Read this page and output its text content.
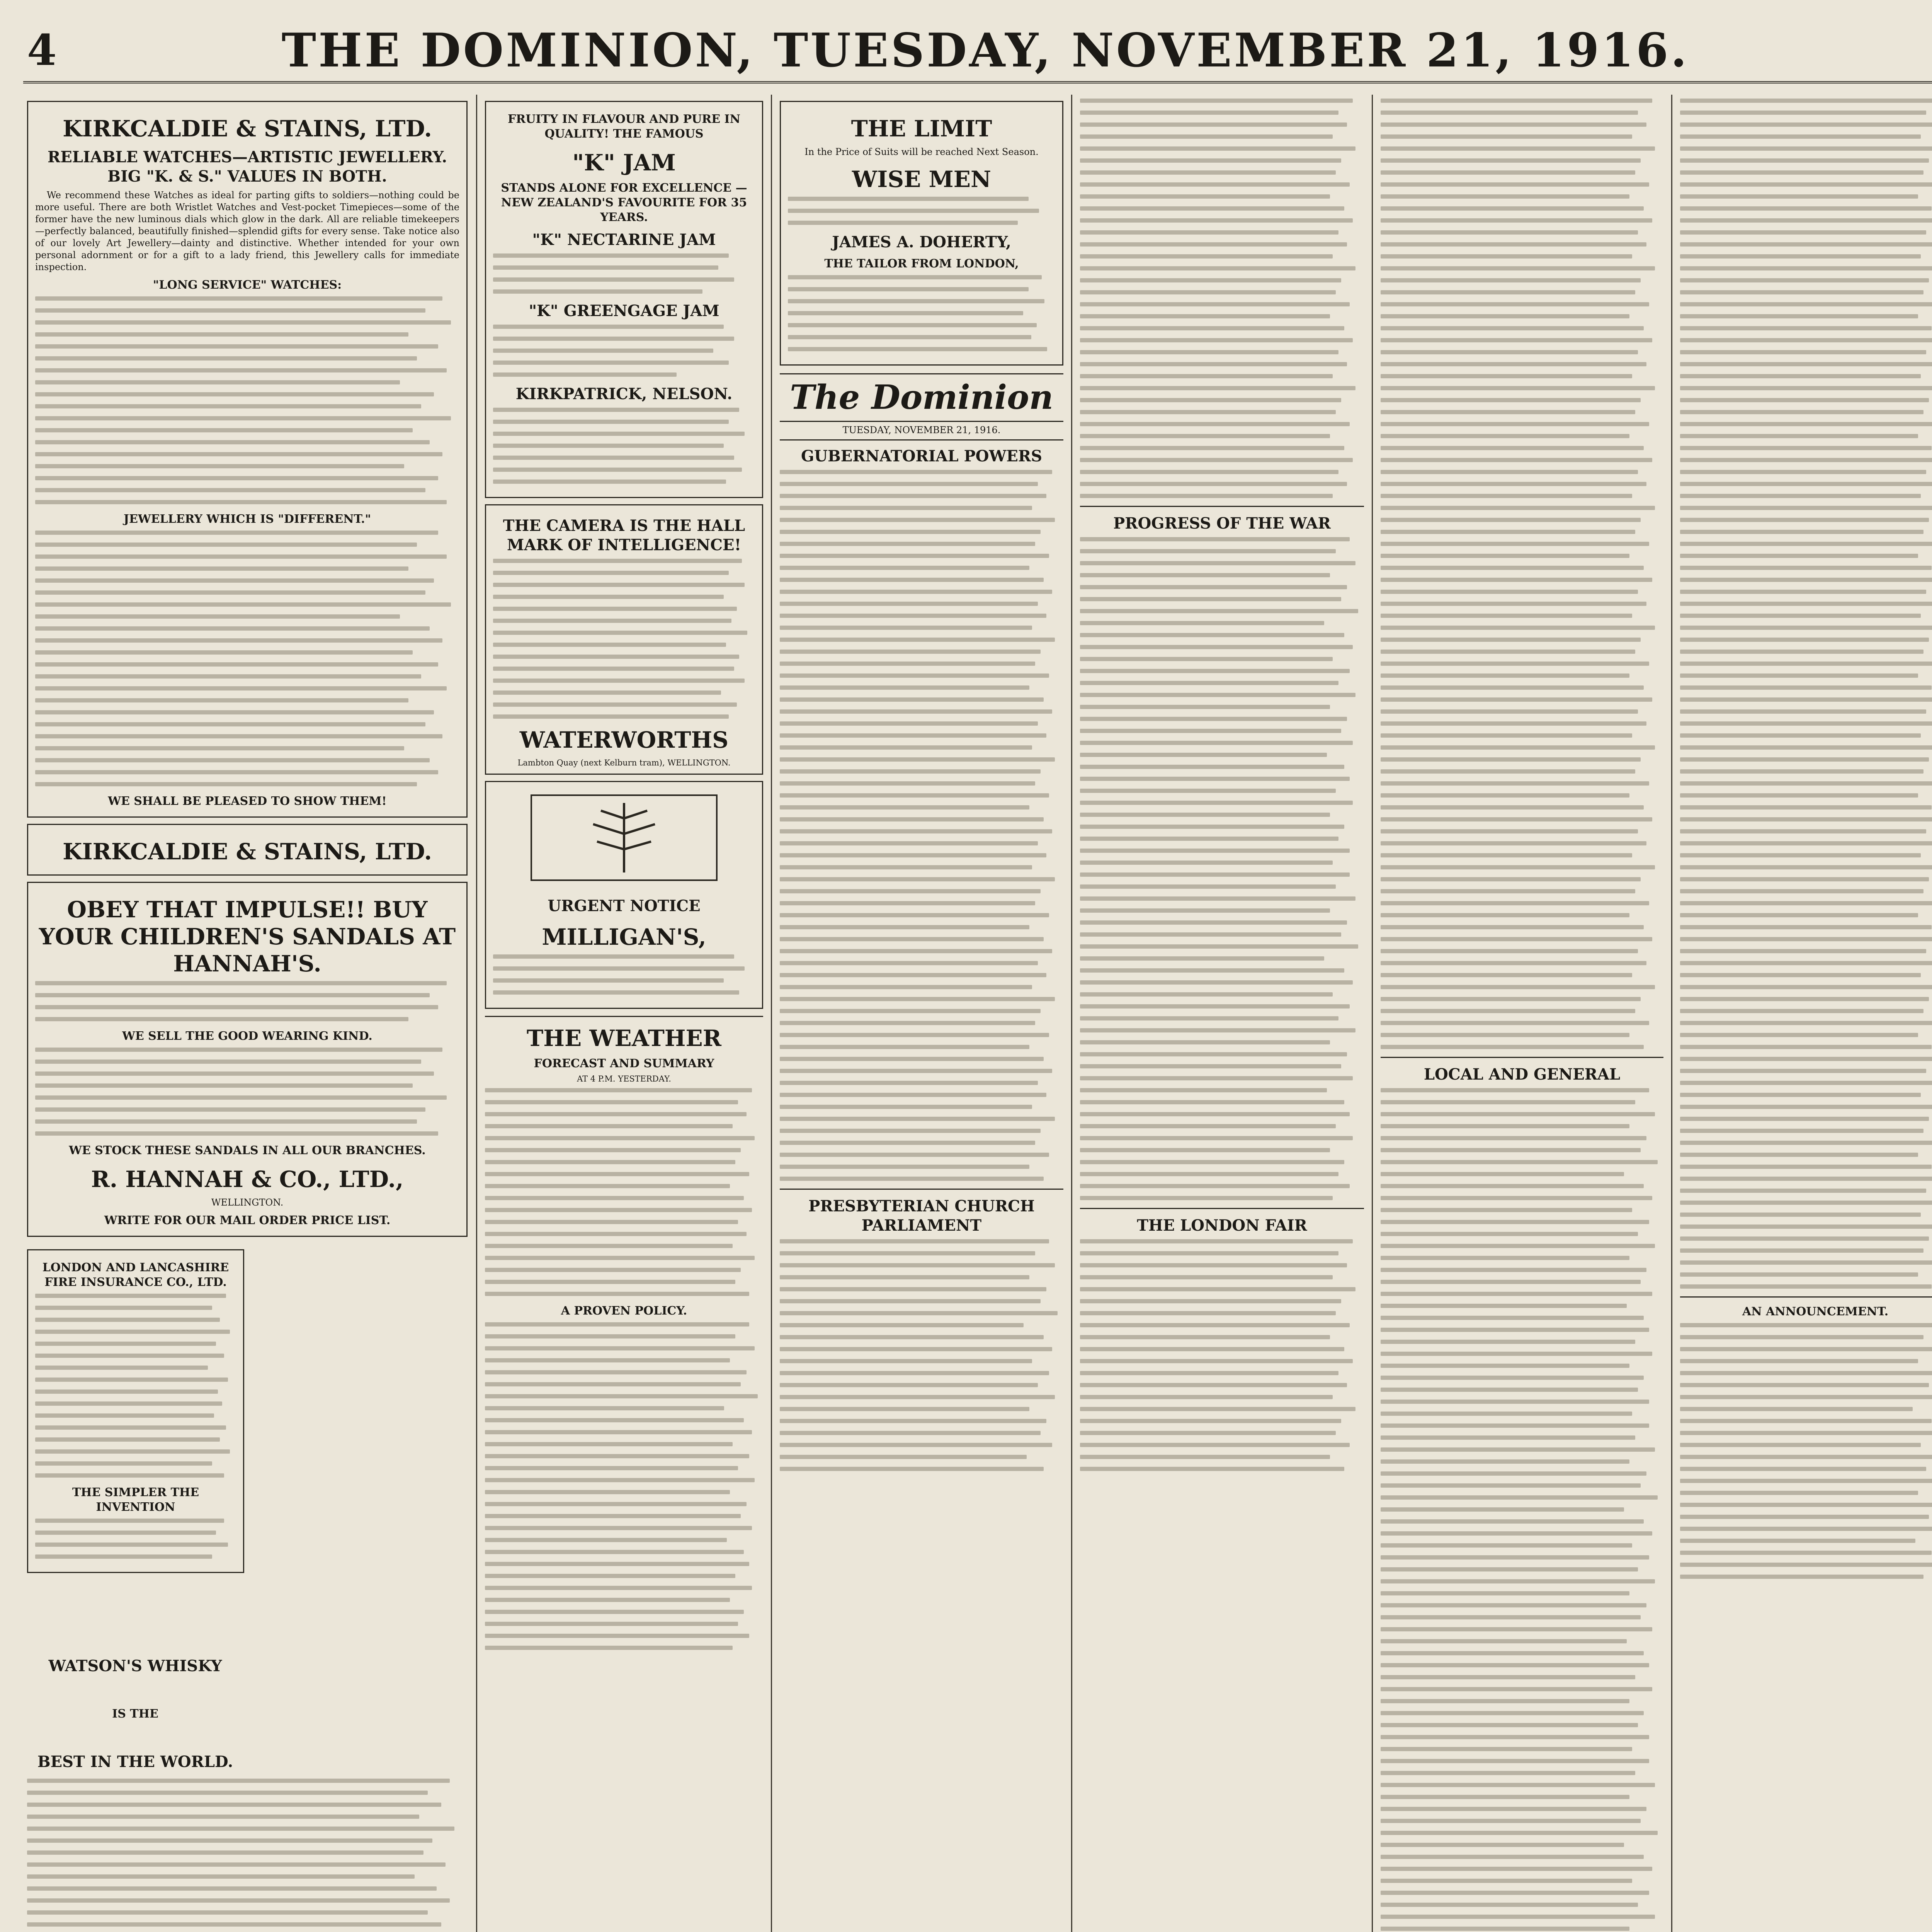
4	THE DOMINION, TUESDAY, NOVEMBER 21, 1916.
KIRKCALDIE & STAINS, LTD.
RELIABLE WATCHES—ARTISTIC JEWELLERY. BIG "K. & S." VALUES IN BOTH.

We recommend these Watches as ideal for parting gifts to soldiers—nothing could be more useful. There are both Wristlet Watches and Vest-pocket Timepieces—some of the former have the new luminous dials which glow in the dark. All are reliable timekeepers—perfectly balanced, beautifully finished—splendid gifts for every sense. Take notice also of our lovely Art Jewellery—dainty and distinctive. Whether intended for your own personal adornment or for a gift to a lady friend, this Jewellery calls for immediate inspection.

"LONG SERVICE" WATCHES:
JEWELLERY WHICH IS "DIFFERENT."
WE SHALL BE PLEASED TO SHOW THEM!
KIRKCALDIE & STAINS, LTD.
OBEY THAT IMPULSE!! BUY YOUR CHILDREN'S SANDALS AT HANNAH'S.
WE SELL THE GOOD WEARING KIND.
WE STOCK THESE SANDALS IN ALL OUR BRANCHES.
R. HANNAH & CO., LTD.,
WELLINGTON.
WRITE FOR OUR MAIL ORDER PRICE LIST.
LONDON AND LANCASHIRE FIRE INSURANCE CO., LTD.
THE SIMPLER THE INVENTION

WATSON'S WHISKY
IS THE
BEST IN THE WORLD.
FRUITY IN FLAVOUR AND PURE IN QUALITY! THE FAMOUS
"K" JAM
STANDS ALONE FOR EXCELLENCE —NEW ZEALAND'S FAVOURITE FOR 35 YEARS.
"K" NECTARINE JAM
"K" GREENGAGE JAM
KIRKPATRICK, NELSON.
THE CAMERA IS THE HALL MARK OF INTELLIGENCE!
WATERWORTHS
Lambton Quay (next Kelburn tram), WELLINGTON.
URGENT NOTICE
MILLIGAN'S,
THE WEATHER
FORECAST AND SUMMARY
AT 4 P.M. YESTERDAY.
A PROVEN POLICY.
THE LIMIT
In the Price of Suits will be reached Next Season.
WISE MEN
JAMES A. DOHERTY,
THE TAILOR FROM LONDON,
The Dominion
TUESDAY, NOVEMBER 21, 1916.
GUBERNATORIAL POWERS
PRESBYTERIAN CHURCH PARLIAMENT
PROGRESS OF THE WAR
THE LONDON FAIR
LOCAL AND GENERAL
AN ANNOUNCEMENT.
